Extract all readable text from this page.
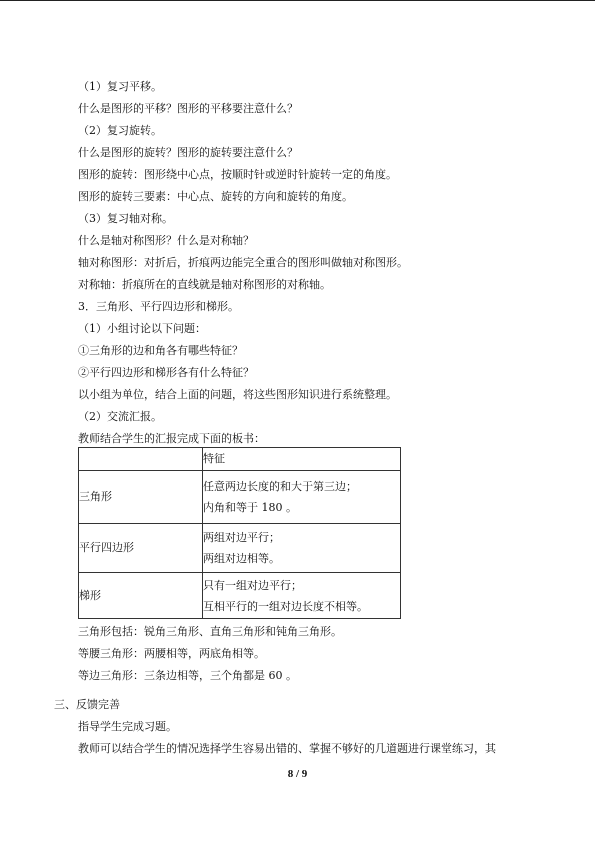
（1）复习平移。
什么是图形的平移？图形的平移要注意什么？
（2）复习旋转。
什么是图形的旋转？图形的旋转要注意什么？
图形的旋转：图形绕中心点，按顺时针或逆时针旋转一定的角度。
图形的旋转三要素：中心点、旋转的方向和旋转的角度。
（3）复习轴对称。
什么是轴对称图形？什么是对称轴？
轴对称图形：对折后，折痕两边能完全重合的图形叫做轴对称图形。
对称轴：折痕所在的直线就是轴对称图形的对称轴。
3．三角形、平行四边形和梯形。
（1）小组讨论以下问题：
①三角形的边和角各有哪些特征？
②平行四边形和梯形各有什么特征？
以小组为单位，结合上面的问题，将这些图形知识进行系统整理。
（2）交流汇报。
教师结合学生的汇报完成下面的板书：
	特征
三角形	任意两边长度的和大于第三边；
内角和等于 180 。

平行四边形	两组对边平行；
两组对边相等。

梯形	只有一组对边平行；
互相平行的一组对边长度不相等。
三角形包括：锐角三角形、直角三角形和钝角三角形。
等腰三角形：两腰相等，两底角相等。
等边三角形：三条边相等，三个角都是 60 。
三、反馈完善
指导学生完成习题。
教师可以结合学生的情况选择学生容易出错的、掌握不够好的几道题进行课堂练习，其
8 / 9
